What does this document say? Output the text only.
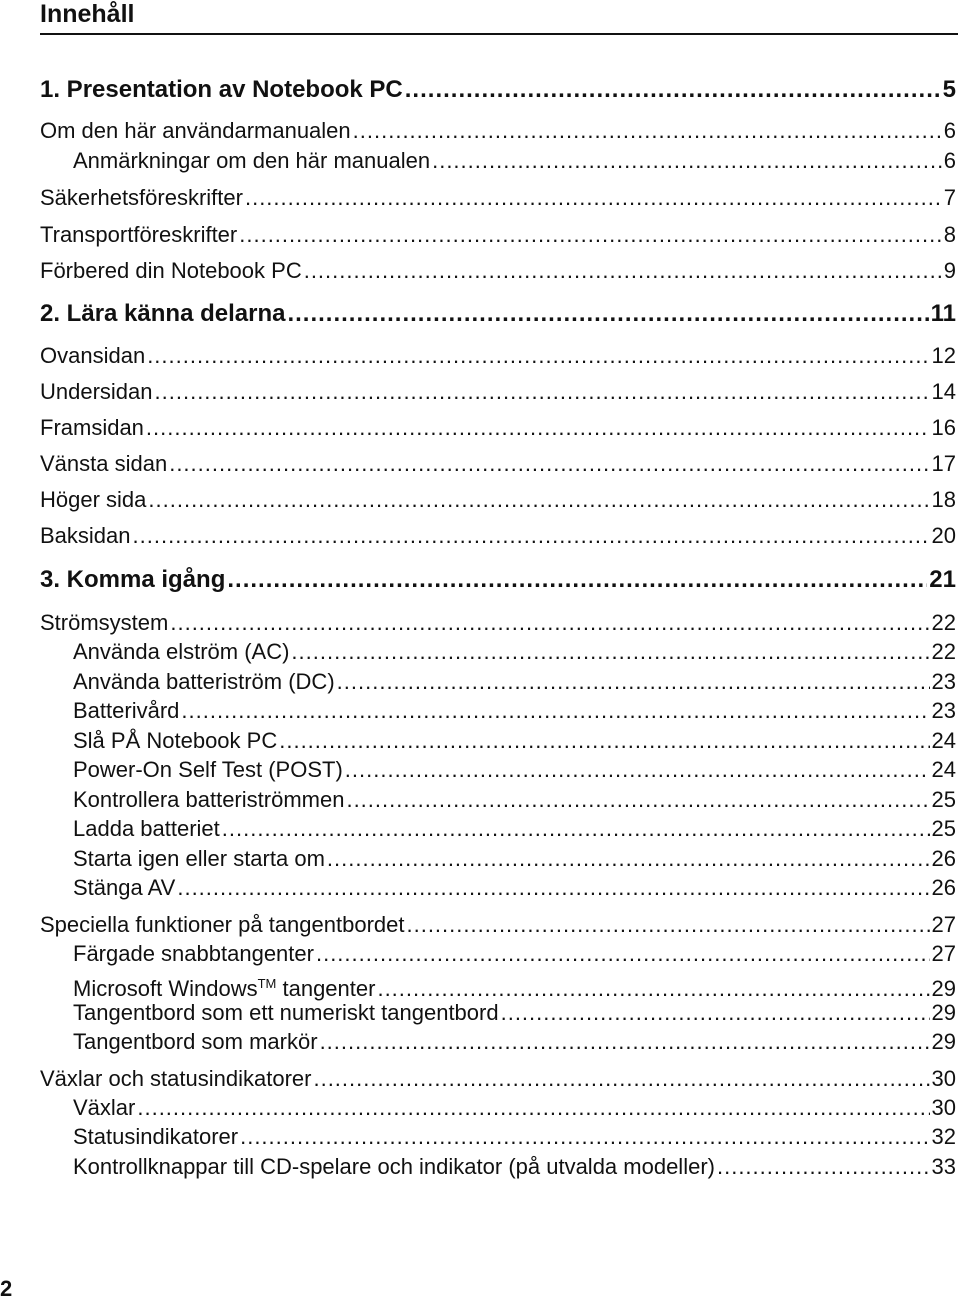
Innehåll
1. Presentation av Notebook PC .....	5
Om den här användarmanualen .....	6
Anmärkningar om den här manualen .....	6
Säkerhetsföreskrifter .....	7
Transportföreskrifter .....	8
Förbered din Notebook PC .....	9
2. Lära känna delarna .....	11
Ovansidan .....	12
Undersidan .....	14
Framsidan .....	16
Vänsta sidan .....	17
Höger sida .....	18
Baksidan .....	20
3. Komma igång .....	21
Strömsystem .....	22
Använda elström (AC) .....	22
Använda batteriström (DC) .....	23
Batterivård .....	23
Slå PÅ Notebook PC .....	24
Power-On Self Test (POST) .....	24
Kontrollera batteriströmmen .....	25
Ladda batteriet .....	25
Starta igen eller starta om .....	26
Stänga AV .....	26
Speciella funktioner på tangentbordet .....	27
Färgade snabbtangenter .....	27
Microsoft Windows™ tangenter .....	29
Tangentbord som ett numeriskt tangentbord .....	29
Tangentbord som markör .....	29
Växlar och statusindikatorer .....	30
Växlar .....	30
Statusindikatorer .....	32
Kontrollknappar till CD-spelare och indikator (på utvalda modeller) .....	33
2
